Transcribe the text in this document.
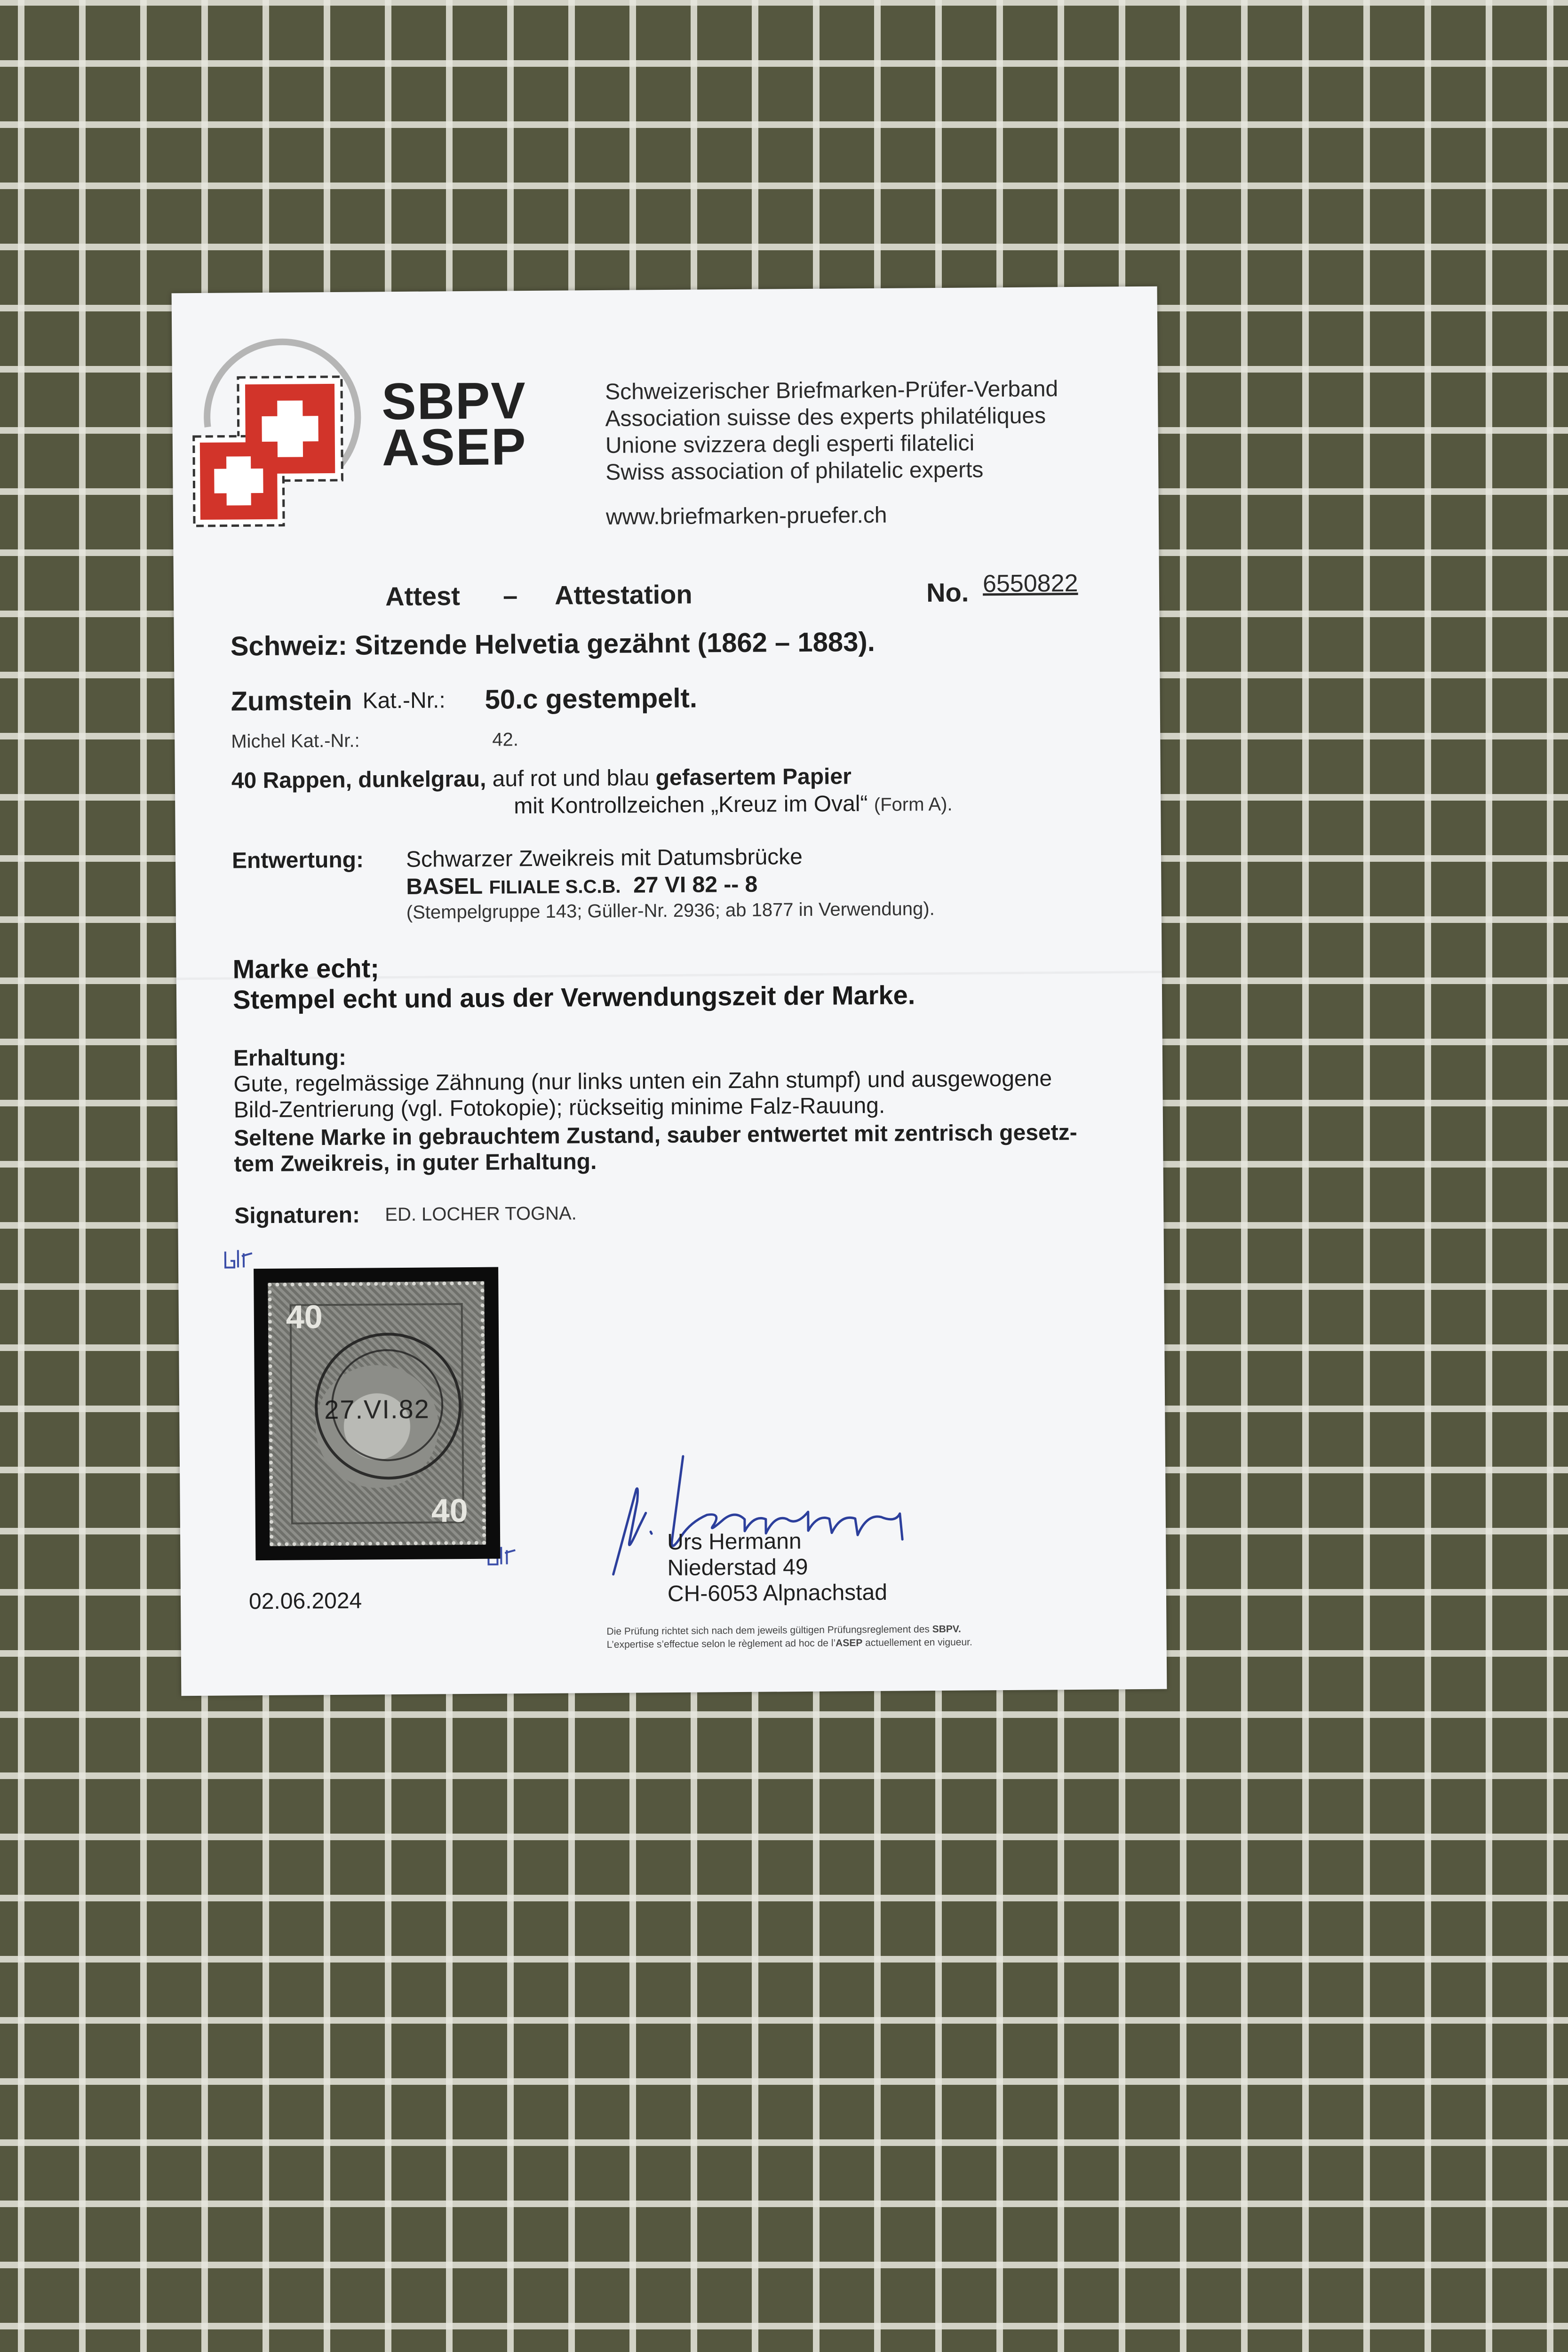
SBPV
ASEP
Schweizerischer Briefmarken-Prüfer-Verband
Association suisse des experts philatéliques
Unione svizzera degli esperti filatelici
Swiss association of philatelic experts
www.briefmarken-pruefer.ch
Attest – Attestation	No. 6550822
Schweiz: Sitzende Helvetia gezähnt (1862 – 1883).
Zumstein Kat.-Nr.: 50.c gestempelt.
Michel Kat.-Nr.:	42.
40 Rappen, dunkelgrau, auf rot und blau gefasertem Papier
mit Kontrollzeichen „Kreuz im Oval“ (Form A).
Entwertung: Schwarzer Zweikreis mit Datumsbrücke
BASEL FILIALE S.C.B. 27 VI 82 -- 8
(Stempelgruppe 143; Güller-Nr. 2936; ab 1877 in Verwendung).
Marke echt;
Stempel echt und aus der Verwendungszeit der Marke.
Erhaltung:
Gute, regelmässige Zähnung (nur links unten ein Zahn stumpf) und ausgewogene
Bild-Zentrierung (vgl. Fotokopie); rückseitig minime Falz-Rauung.
Seltene Marke in gebrauchtem Zustand, sauber entwertet mit zentrisch gesetz-
tem Zweikreis, in guter Erhaltung.
Signaturen: ED. LOCHER TOGNA.
40
40
27.VI.82
Urs Hermann
Niederstad 49
CH-6053 Alpnachstad
02.06.2024
Die Prüfung richtet sich nach dem jeweils gültigen Prüfungsreglement des SBPV.
L’expertise s’effectue selon le règlement ad hoc de l’ASEP actuellement en vigueur.
